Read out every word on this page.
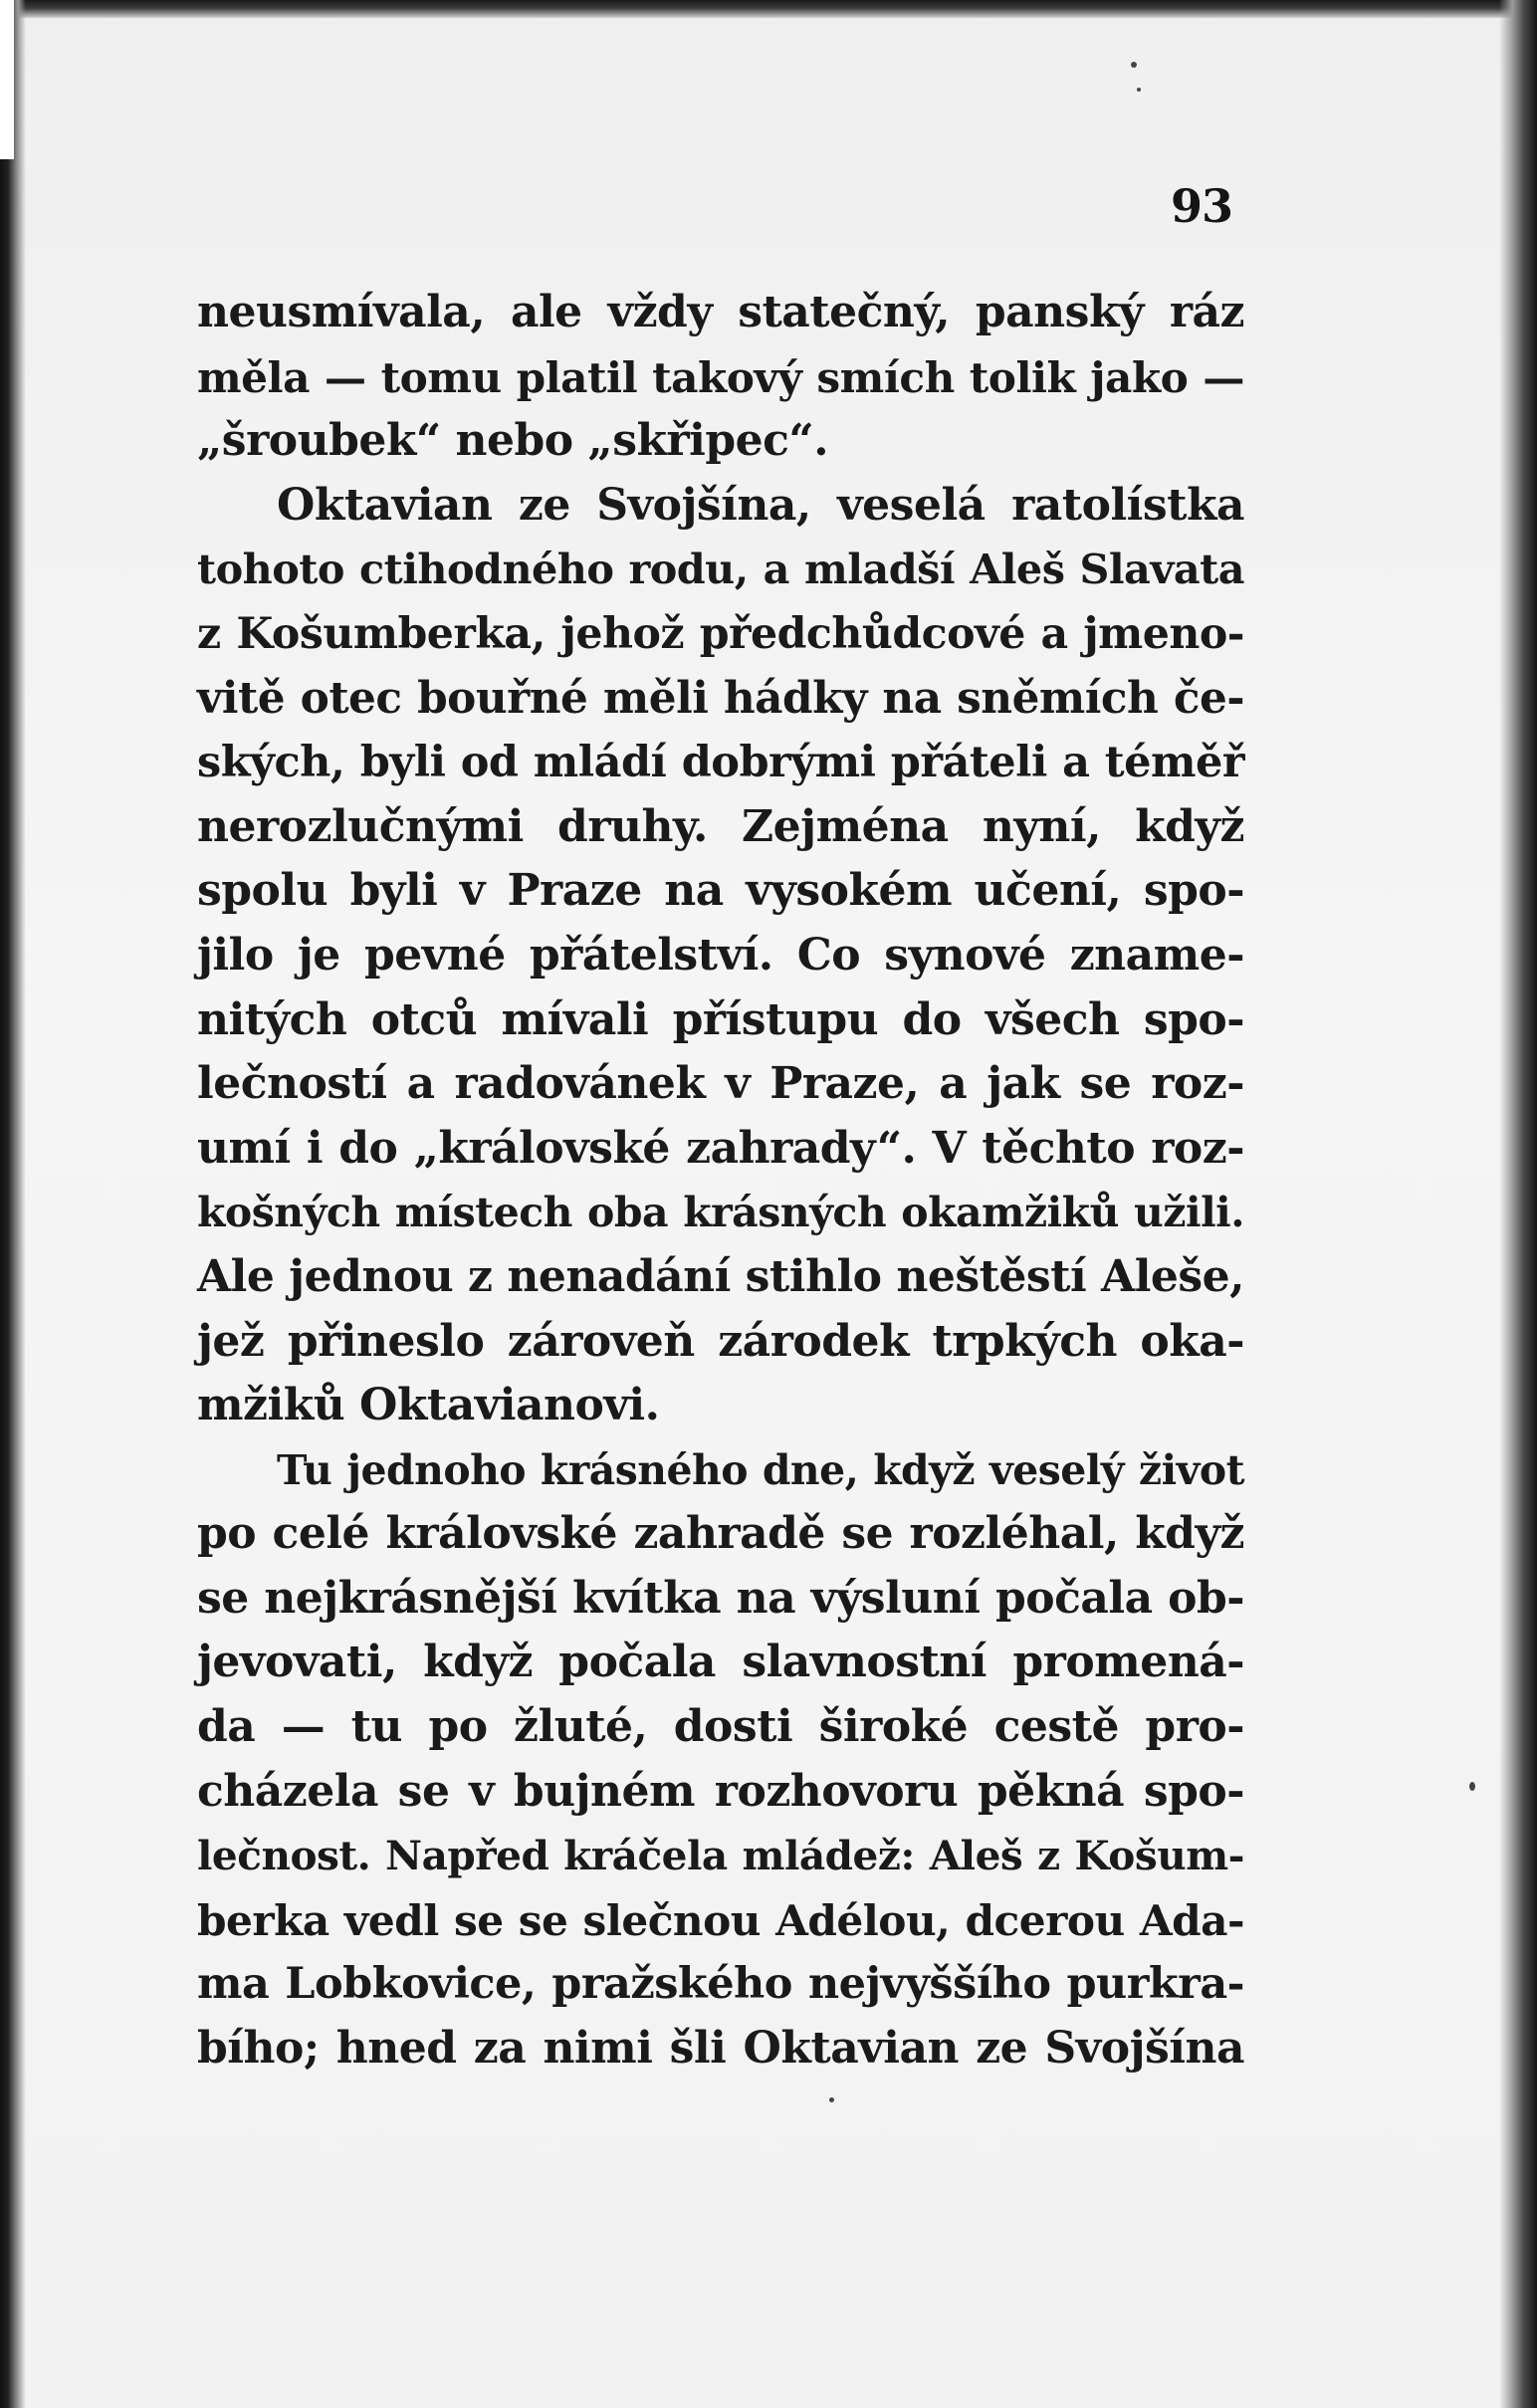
93
neusmívala, ale vždy statečný, panský ráz
měla — tomu platil takový smích tolik jako —
„šroubek“ nebo „skřipec“.
Oktavian ze Svojšína, veselá ratolístka
tohoto ctihodného rodu, a mladší Aleš Slavata
z Košumberka, jehož předchůdcové a jmeno-
vitě otec bouřné měli hádky na sněmích če-
ských, byli od mládí dobrými přáteli a téměř
nerozlučnými druhy. Zejména nyní, když
spolu byli v Praze na vysokém učení, spo-
jilo je pevné přátelství. Co synové zname-
nitých otců mívali přístupu do všech spo-
lečností a radovánek v Praze, a jak se roz-
umí i do „královské zahrady“. V těchto roz-
košných místech oba krásných okamžiků užili.
Ale jednou z nenadání stihlo neštěstí Aleše,
jež přineslo zároveň zárodek trpkých oka-
mžiků Oktavianovi.
Tu jednoho krásného dne, když veselý život
po celé královské zahradě se rozléhal, když
se nejkrásnější kvítka na výsluní počala ob-
jevovati, když počala slavnostní promená-
da — tu po žluté, dosti široké cestě pro-
cházela se v bujném rozhovoru pěkná spo-
lečnost. Napřed kráčela mládež: Aleš z Košum-
berka vedl se se slečnou Adélou, dcerou Ada-
ma Lobkovice, pražského nejvyššího purkra-
bího; hned za nimi šli Oktavian ze Svojšína
